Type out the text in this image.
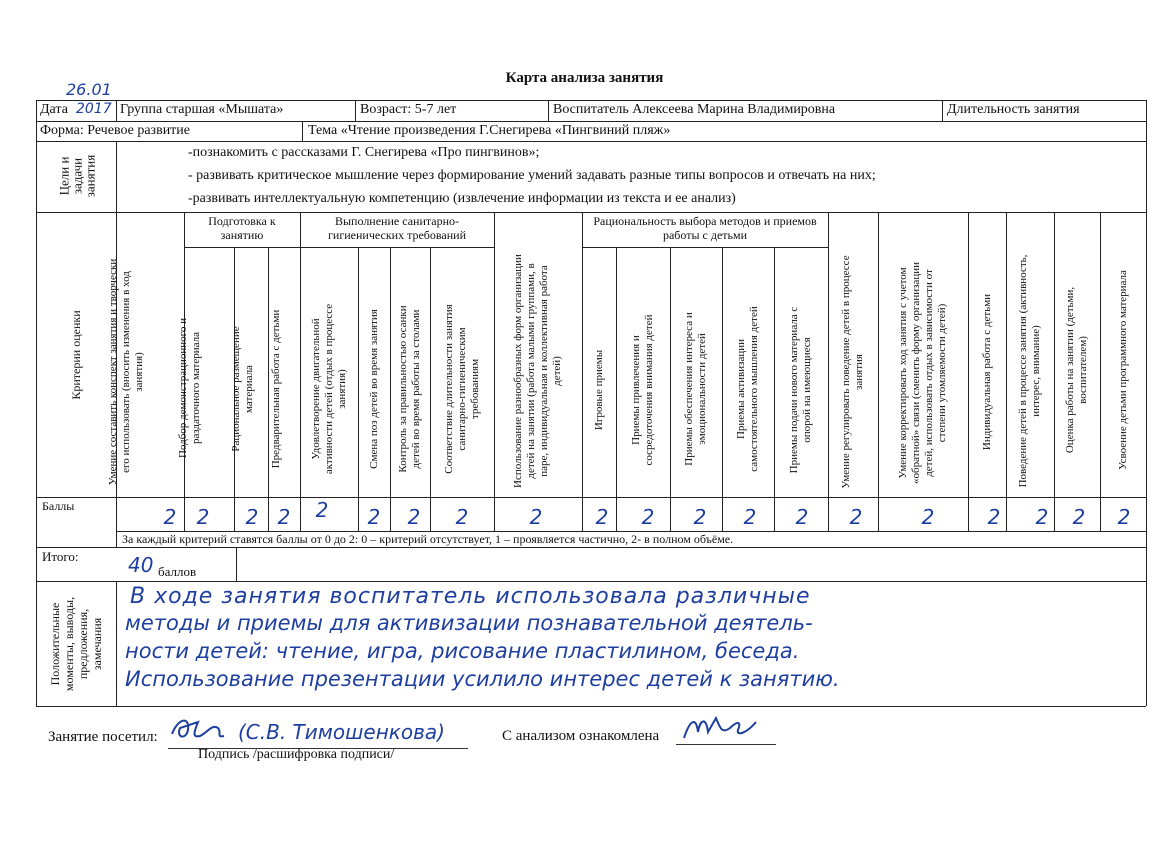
26.01
Карта анализа занятия
Дата 2017 Группа старшая «Мышата»	Возраст: 5-7 лет	Воспитатель Алексеева Марина Владимировна	Длительность занятия
Форма: Речевое развитие	Тема «Чтение произведения Г.Снегирева «Пингвиний пляж»
Цели и задачи занятия
-познакомить с рассказами Г. Снегирева «Про пингвинов»;
- развивать критическое мышление через формирование умений задавать разные типы вопросов и отвечать на них;
-развивать интеллектуальную компетенцию (извлечение информации из текста и ее анализ)
Критерии оценки
Подготовка к занятию
Выполнение санитарно-гигиенических требований
Рациональность выбора методов и приемов работы с детьми
Умение составить конспект занятия и творчески его использовать (вносить изменения в ход занятия)	Подбор демонстрационного и раздаточного материала	Рациональное размещение материала	Предварительная работа с детьми	Удовлетворение двигательной активности детей (отдых в процессе занятия)	Смена поз детей во время занятия	Контроль за правильностью осанки детей во время работы за столами	Соответствие длительности занятия санитарно-гигиеническим требованиям	Использование разнообразных форм организации детей на занятии (работа малыми группами, в паре, индивидуальная и коллективная работа детей)	Игровые приемы	Приемы привлечения и сосредоточения внимания детей	Приемы обеспечения интереса и эмоциональности детей	Приемы активизации самостоятельного мышления детей	Приемы подачи нового материала с опорой на имеющиеся	Умение регулировать поведение детей в процессе занятия	Умение корректировать ход занятия с учетом «обратной» связи (сменить форму организации детей, использовать отдых в зависимости от степени утомляемости детей)	Индивидуальная работа с детьми	Поведение детей в процессе занятия (активность, интерес, внимание)	Оценка работы на занятии (детьми, воспитателем)	Усвоение детьми программного материала
Баллы	2 2 2 2 2 2 2 2	2	2 2 2 2 2 2	2	2 2 2 2
За каждый критерий ставятся баллы от 0 до 2: 0 – критерий отсутствует, 1 – проявляется частично, 2- в полном объёме.
Итого: 40 баллов
Положительные моменты, выводы, предложения, замечания
В ходе занятия воспитатель использовала различные
методы и приемы для активизации познавательной деятель-
ности детей: чтение, игра, рисование пластилином, беседа.
Использование презентации усилило интерес детей к занятию.
Занятие посетил:	(С.В. Тимошенкова)
Подпись /расшифровка подписи/
С анализом ознакомлена
